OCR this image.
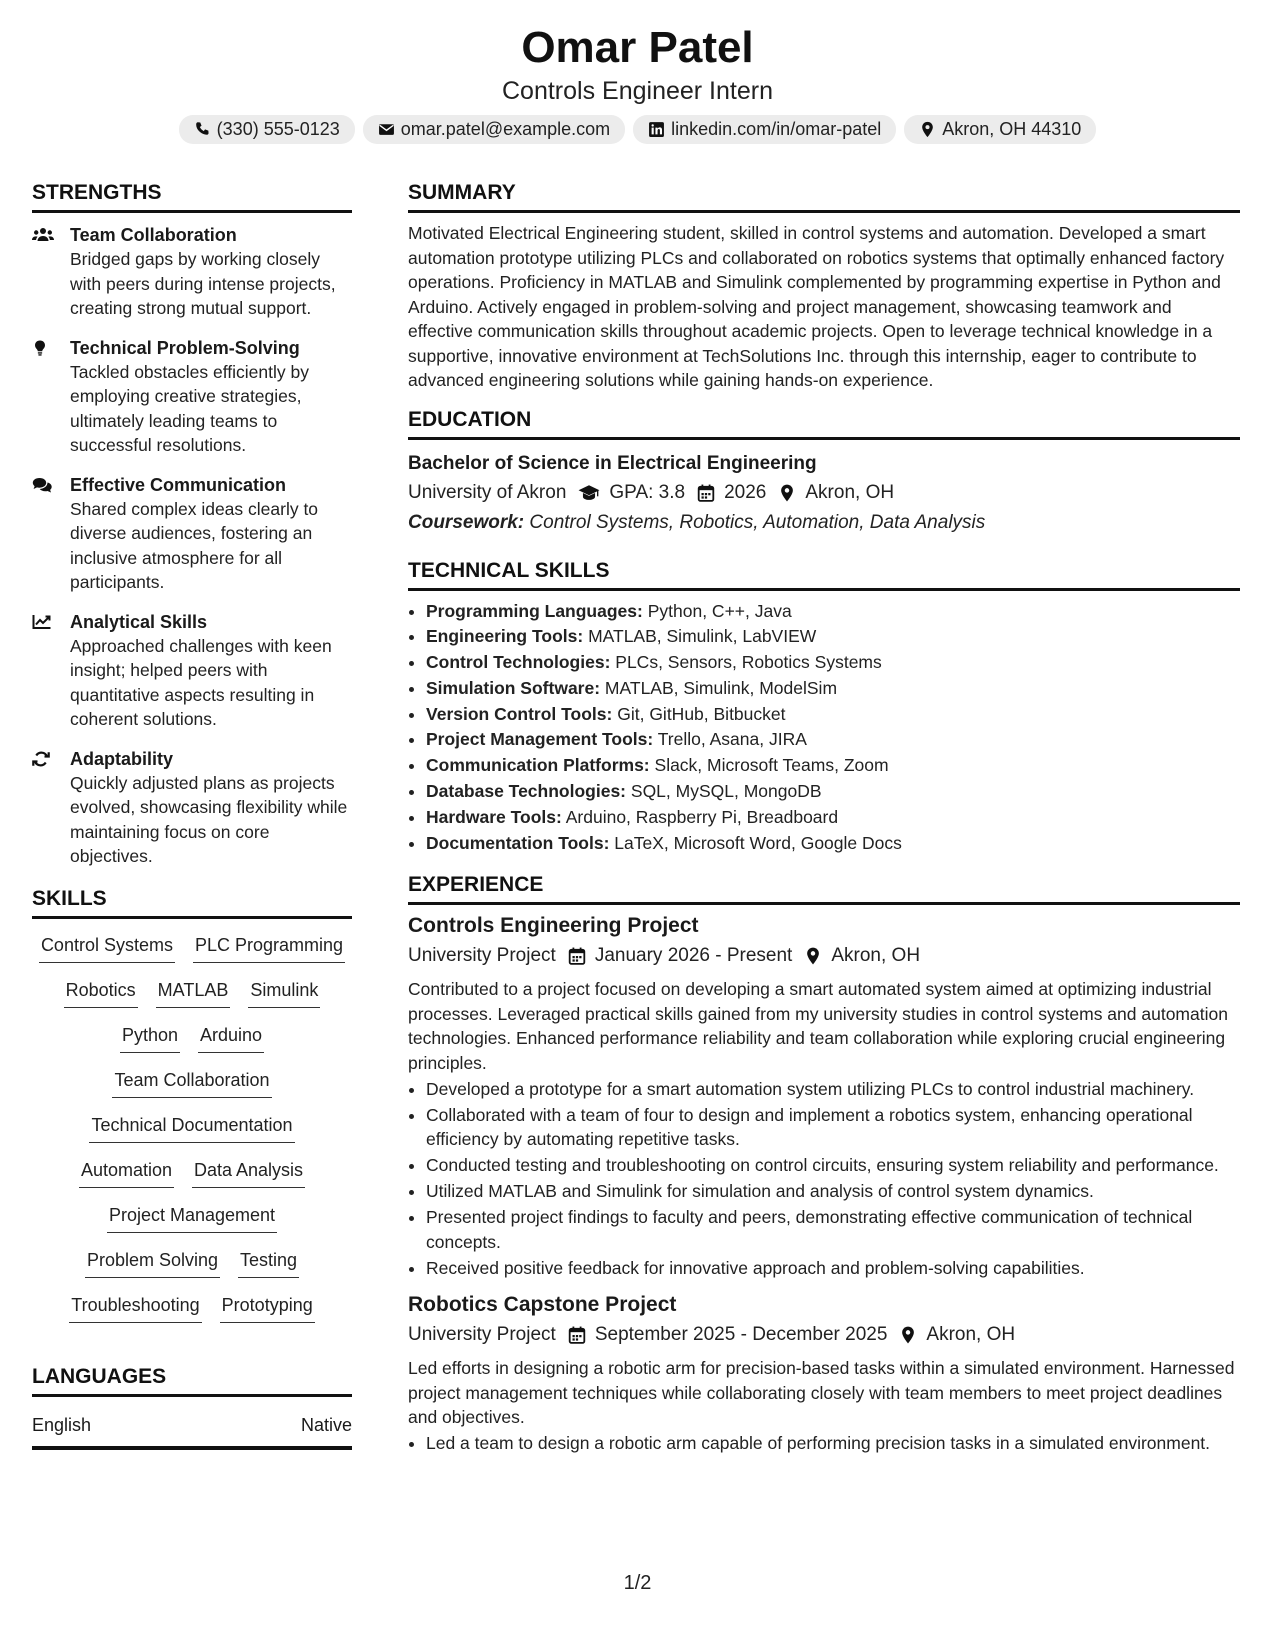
Omar Patel
Controls Engineer Intern
(330) 555-0123	omar.patel@example.com	linkedin.com/in/omar-patel	Akron, OH 44310
STRENGTHS
Team Collaboration
Bridged gaps by working closely with peers during intense projects, creating strong mutual support.
Technical Problem-Solving
Tackled obstacles efficiently by employing creative strategies, ultimately leading teams to successful resolutions.
Effective Communication
Shared complex ideas clearly to diverse audiences, fostering an inclusive atmosphere for all participants.
Analytical Skills
Approached challenges with keen insight; helped peers with quantitative aspects resulting in coherent solutions.
Adaptability
Quickly adjusted plans as projects evolved, showcasing flexibility while maintaining focus on core objectives.
SKILLS
Control Systems PLC Programming
Robotics MATLAB Simulink
Python Arduino
Team Collaboration
Technical Documentation
Automation Data Analysis
Project Management
Problem Solving Testing
Troubleshooting Prototyping
LANGUAGES
English	Native
SUMMARY
Motivated Electrical Engineering student, skilled in control systems and automation. Developed a smart automation prototype utilizing PLCs and collaborated on robotics systems that optimally enhanced factory operations. Proficiency in MATLAB and Simulink complemented by programming expertise in Python and Arduino. Actively engaged in problem-solving and project management, showcasing teamwork and effective communication skills throughout academic projects. Open to leverage technical knowledge in a supportive, innovative environment at TechSolutions Inc. through this internship, eager to contribute to advanced engineering solutions while gaining hands-on experience.
EDUCATION
Bachelor of Science in Electrical Engineering
University of Akron GPA: 3.8 2026 Akron, OH
Coursework: Control Systems, Robotics, Automation, Data Analysis
TECHNICAL SKILLS
• Programming Languages: Python, C++, Java
• Engineering Tools: MATLAB, Simulink, LabVIEW
• Control Technologies: PLCs, Sensors, Robotics Systems
• Simulation Software: MATLAB, Simulink, ModelSim
• Version Control Tools: Git, GitHub, Bitbucket
• Project Management Tools: Trello, Asana, JIRA
• Communication Platforms: Slack, Microsoft Teams, Zoom
• Database Technologies: SQL, MySQL, MongoDB
• Hardware Tools: Arduino, Raspberry Pi, Breadboard
• Documentation Tools: LaTeX, Microsoft Word, Google Docs
EXPERIENCE
Controls Engineering Project
University Project January 2026 - Present Akron, OH
Contributed to a project focused on developing a smart automated system aimed at optimizing industrial processes. Leveraged practical skills gained from my university studies in control systems and automation technologies. Enhanced performance reliability and team collaboration while exploring crucial engineering principles.
• Developed a prototype for a smart automation system utilizing PLCs to control industrial machinery.
• Collaborated with a team of four to design and implement a robotics system, enhancing operational efficiency by automating repetitive tasks.
• Conducted testing and troubleshooting on control circuits, ensuring system reliability and performance.
• Utilized MATLAB and Simulink for simulation and analysis of control system dynamics.
• Presented project findings to faculty and peers, demonstrating effective communication of technical concepts.
• Received positive feedback for innovative approach and problem-solving capabilities.
Robotics Capstone Project
University Project September 2025 - December 2025 Akron, OH
Led efforts in designing a robotic arm for precision-based tasks within a simulated environment. Harnessed project management techniques while collaborating closely with team members to meet project deadlines and objectives.
• Led a team to design a robotic arm capable of performing precision tasks in a simulated environment.
1/2
